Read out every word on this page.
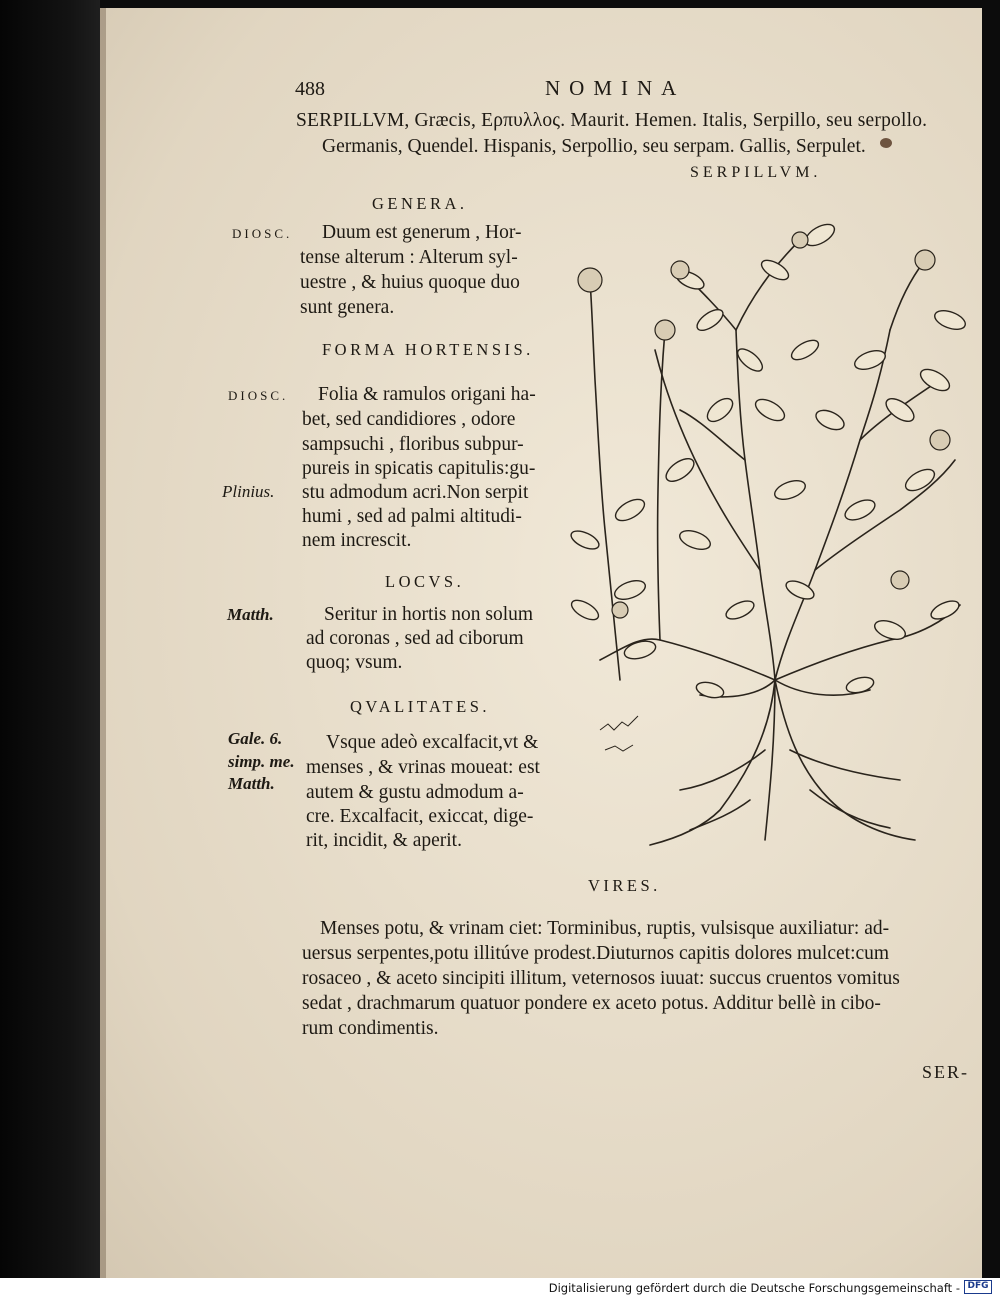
488	NOMINA
SERPILLVM, Græcis, Ερπυλλος. Maurit. Hemen. Italis, Serpillo, seu serpollo.
Germanis, Quendel. Hispanis, Serpollio, seu serpam. Gallis, Serpulet.
SERPILLVM.
GENERA.
DIOSC. Duum est generum , Hor-
tense alterum : Alterum syl-
uestre , & huius quoque duo
sunt genera.
FORMA HORTENSIS.
DIOSC.
Plinius.
Folia & ramulos origani ha-
bet, sed candidiores , odore
sampsuchi , floribus subpur-
pureis in spicatis capitulis:gu-
stu admodum acri.Non serpit
humi , sed ad palmi altitudi-
nem increscit.
LOCVS.
Matth.	Seritur in hortis non solum
ad coronas , sed ad ciborum
quoq; vsum.
QVALITATES.
Gale. 6.
simp. me.
Matth.
Vsque adeò excalfacit,vt &
menses , & vrinas moueat: est
autem & gustu admodum a-
cre. Excalfacit, exiccat, dige-
rit, incidit, & aperit.
VIRES.
Menses potu, & vrinam ciet: Torminibus, ruptis, vulsisque auxiliatur: ad-
uersus serpentes,potu illitúve prodest.Diuturnos capitis dolores mulcet:cum
rosaceo , & aceto sincipiti illitum, veternosos iuuat: succus cruentos vomitus
sedat , drachmarum quatuor pondere ex aceto potus. Additur bellè in cibo-
rum condimentis.
SER-
Digitalisierung gefördert durch die Deutsche Forschungsgemeinschaft - DFG
